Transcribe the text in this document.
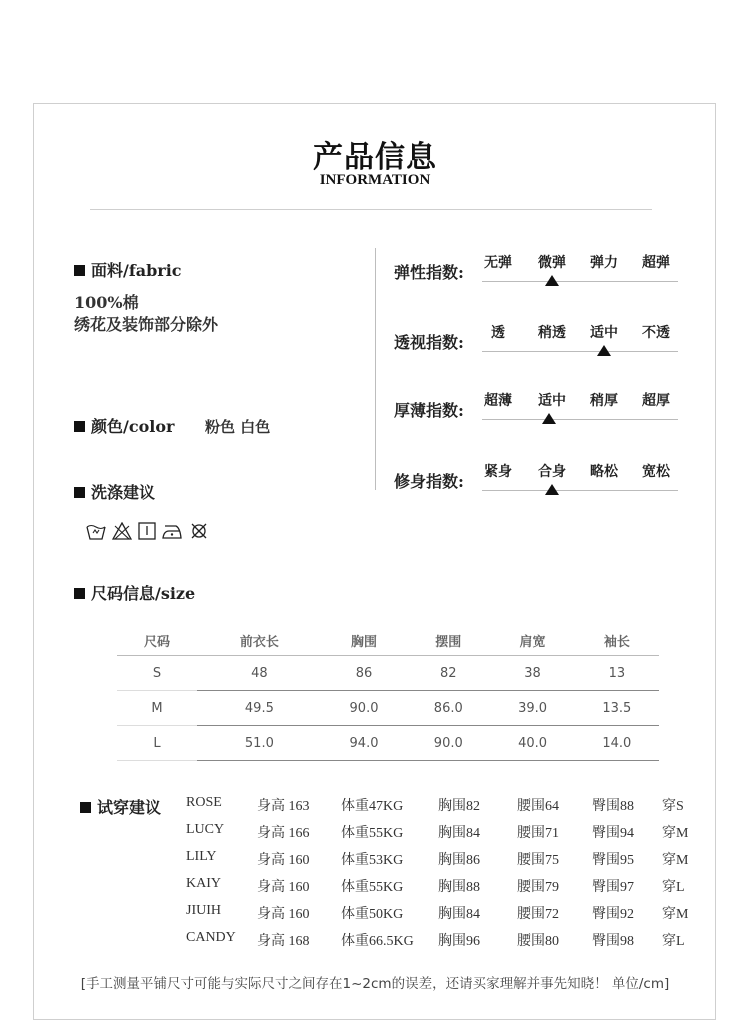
产品信息
INFORMATION
面料/fabric
100%棉
绣花及装饰部分除外
颜色/color 粉色 白色
洗涤建议
弹性指数:	无弹	微弹	弹力	超弹
透视指数:	透	稍透	适中	不透
厚薄指数:	超薄	适中	稍厚	超厚
修身指数:	紧身	合身	略松	宽松
尺码信息/size
尺码	前衣长	胸围	摆围	肩宽	袖长
S	48	86	82	38	13
M	49.5	90.0	86.0	39.0	13.5
L	51.0	94.0	90.0	40.0	14.0
试穿建议 ROSE	身高 163 体重47KG 胸围82	腰围64 臀围88 穿S
LUCY 身高 166 体重55KG 胸围84	腰围71 臀围94 穿M
LILY	身高 160 体重53KG 胸围86	腰围75 臀围95 穿M
KAIY	身高 160 体重55KG 胸围88	腰围79 臀围97 穿L
JIUIH	身高 160 体重50KG 胸围84	腰围72 臀围92 穿M
CANDY 身高 168 体重66.5KG 胸围96	腰围80 臀围98 穿L
[手工测量平铺尺寸可能与实际尺寸之间存在1~2cm的误差，还请买家理解并事先知晓！ 单位/cm]
